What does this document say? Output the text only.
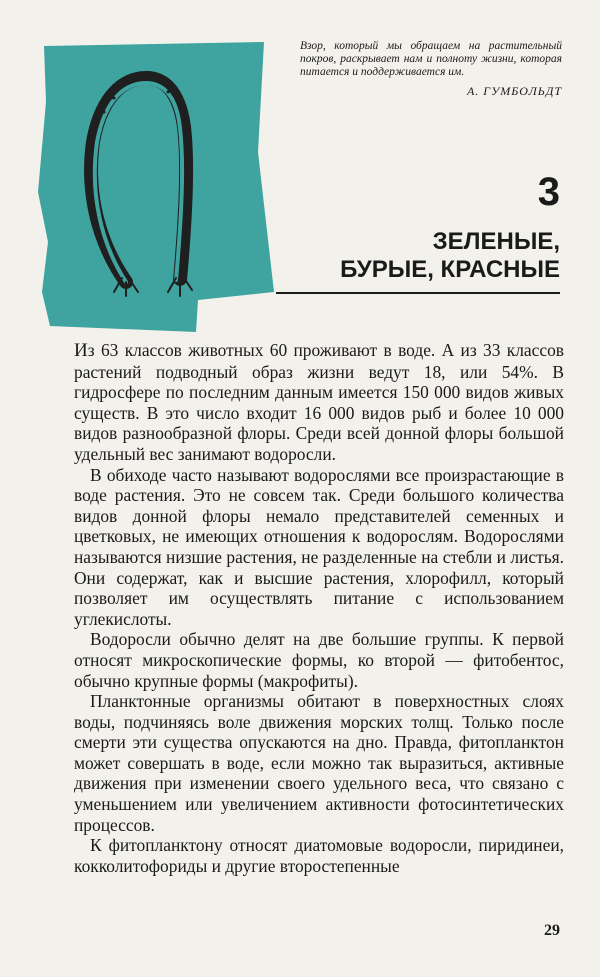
Взор, который мы обращаем на растительный покров, раскрывает нам и полноту жизни, которая питается и поддерживается им.

А. ГУМБОЛЬДТ

3
ЗЕЛЕНЫЕ,
БУРЫЕ, КРАСНЫЕ

Из 63 классов животных 60 проживают в воде. А из 33 классов растений подводный образ жизни ведут 18, или 54%. В гидросфере по последним данным имеется 150 000 видов живых существ. В это число входит 16 000 видов рыб и более 10 000 видов разнообразной флоры. Среди всей донной флоры большой удельный вес занимают водоросли.

В обиходе часто называют водорослями все произрастающие в воде растения. Это не совсем так. Среди большого количества видов донной флоры немало представителей семенных и цветковых, не имеющих отношения к водорослям. Водорослями называются низшие растения, не разделенные на стебли и листья. Они содержат, как и высшие растения, хлорофилл, который позволяет им осуществлять питание с использованием углекислоты.

Водоросли обычно делят на две большие группы. К первой относят микроскопические формы, ко второй — фитобентос, обычно крупные формы (макрофиты).

Планктонные организмы обитают в поверхностных слоях воды, подчиняясь воле движения морских толщ. Только после смерти эти существа опускаются на дно. Правда, фитопланктон может совершать в воде, если можно так выразиться, активные движения при изменении своего удельного веса, что связано с уменьшением или увеличением активности фотосинтетических процессов.

К фитопланктону относят диатомовые водоросли, пиридинеи, кокколитофориды и другие второстепенные

29
